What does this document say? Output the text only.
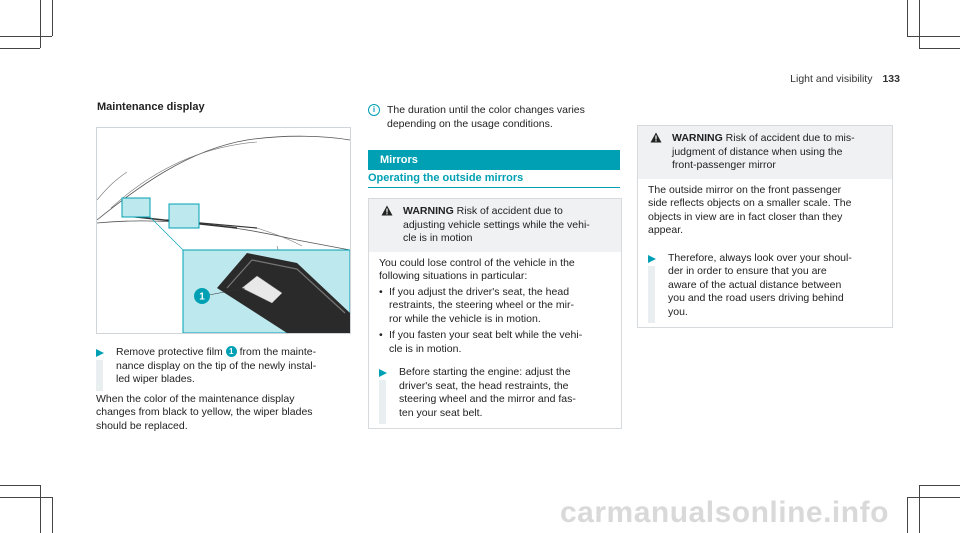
Light and visibility 133
Maintenance display
1
Remove protective film 1 from the mainte-
nance display on the tip of the newly instal-
led wiper blades.
When the color of the maintenance display
changes from black to yellow, the wiper blades
should be replaced.
i	The duration until the color changes varies
depending on the usage conditions.
Mirrors
Operating the outside mirrors
WARNING Risk of accident due to
adjusting vehicle settings while the vehi-
cle is in motion
You could lose control of the vehicle in the
following situations in particular:
• If you adjust the driver's seat, the head
restraints, the steering wheel or the mir-
ror while the vehicle is in motion.
• If you fasten your seat belt while the vehi-
cle is in motion.
Before starting the engine: adjust the
driver's seat, the head restraints, the
steering wheel and the mirror and fas-
ten your seat belt.
WARNING Risk of accident due to mis-
judgment of distance when using the
front-passenger mirror
The outside mirror on the front passenger
side reflects objects on a smaller scale. The
objects in view are in fact closer than they
appear.
Therefore, always look over your shoul-
der in order to ensure that you are
aware of the actual distance between
you and the road users driving behind
you.
carmanualsonline.info
